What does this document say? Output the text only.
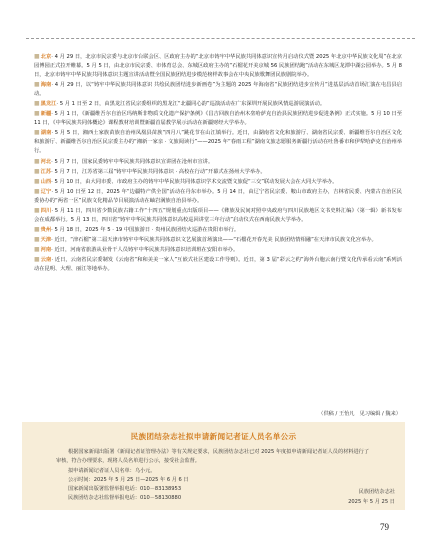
■北京· 4 月 29 日，北京市民宗委与北京市台联会区、区政府主办的“北京市铸牢中华民族共同体意识宣传月启动仪式暨 2025 年北京中华民族文化周”在北京园博园正式拉开帷幕。5 月 5 日，由北京市民宗委、市体育总会、东城区政府主办的“石榴花开美京城 56 民族团结跑”活动在东城区龙潭中湖公园举办。5 月 8 日，北京市铸牢中华民族共同体意识主题宣讲活动暨全国民族团结进步模范榜样故事会在中央民族歌舞团民族剧院举办。

■海南· 4 月 29 日，以“铸牢中华民族共同体意识 共绘民族团结进步新画卷”为主题的 2025 年海南省“民族团结进步宣传月”进基层活动首场汇演在屯昌县启动。

■黑龙江· 5 月 1 日至 2 日，由黑龙江省民宗委组织的黑龙江“北疆同心韵”巡演活动在广东深圳开展民族风情巡游展演活动。

■新疆· 5 月 1 日，《新疆维吾尔自治区玛纳斯非物质文化遗产保护条例》《昌吉回族自治州木垒哈萨克自治县民族团结进步促进条例》正式实施。5 月 10 日至 11 日，《中华民族共同体概论》课程教材培训暨新疆首届教学展示活动在新疆财经大学举办。

■湖南· 5 月 5 日，湘西土家族苗族自治州凤凰县苗族“四月八”跳花节在山江镇举行。近日，由湖南省文化和旅游厅、湖南省民宗委、新疆维吾尔自治区文化和旅游厅、新疆维吾尔自治区民宗委主办的“湘新一家亲 · 文旅阅读行”——2025 年“春雨工程”湖南文旅志愿服务新疆行活动在吐鲁番市和伊犁哈萨克自治州举行。

■河北· 5 月 7 日，国家民委铸牢中华民族共同体意识宣讲团在沧州市宣讲。

■江苏· 5 月 7 日，江苏省第三届“铸牢中华民族共同体意识 · 高校在行动”开幕式在扬州大学举办。

■山西· 5 月 10 日，由大同市委、市政府主办的铸牢中华民族共同体意识学术交流暨文旅促“三交”联动发展大会在大同大学举办。

■辽宁· 5 月 10 日至 12 日，2025 年“边疆特产供全国”活动在丹东市举办。5 月 14 日，由辽宁省民宗委、鞍山市政府主办，吉林省民委、内蒙古自治区民委协办的“两省一区”民族文化精品节目展演活动在岫岩满族自治县举办。

■四川· 5 月 11 日，四川省少数民族古籍工作“十四五”规划重点出版项目——《彝族及民间对照中央政府与四川民族地区文书史料汇编》（第一辑）新书发布会在成都举行。5 月 13 日，四川省“铸牢中华民族共同体意识高校巡回讲堂三年行动”启动仪式在西南民族大学举办。

■贵州· 5 月 18 日，2025 年 5 · 19 中国旅游日 · 贵州民族团结火巡游在贵阳市举行。

■天津· 近日，“津石榴”第二届天津市铸牢中华民族共同体意识文艺展演首场演出——“石榴花开春光美 民族团结情相融”在天津市民族文化宫举办。

■河南· 近日，河南省旅游从业骨干人员铸牢中华民族共同体意识培训班在安阳市举办。

■云南· 近日，云南省民宗委制发《云南省“和和美美一家人”互嵌式社区建设工作导则》。近日，第 3 届“彩云之约”海外台胞云南行暨文化传承看云南”系列活动在昆明、大理、丽江等地举办。

（供稿 / 王怡凡　见习编辑 / 魏来）
民族团结杂志社拟申请新闻记者证人员名单公示

根据国家新闻出版署《新闻记者证管理办法》等有关规定要求，民族团结杂志社已对 2025 年度拟申请新闻记者证人员的材料进行了审核，符合办理要求，现将人员名单进行公示，接受社会监督。

拟申请新闻记者证人员名单：乌小元。

公示时间：2025 年 5 月 25 日—2025 年 6 月 6 日

国家新闻出版署监督举报电话：010－83138953

民族团结杂志社监督举报电话：010－58130880

民族团结杂志社
2025 年 5 月 25 日
79
